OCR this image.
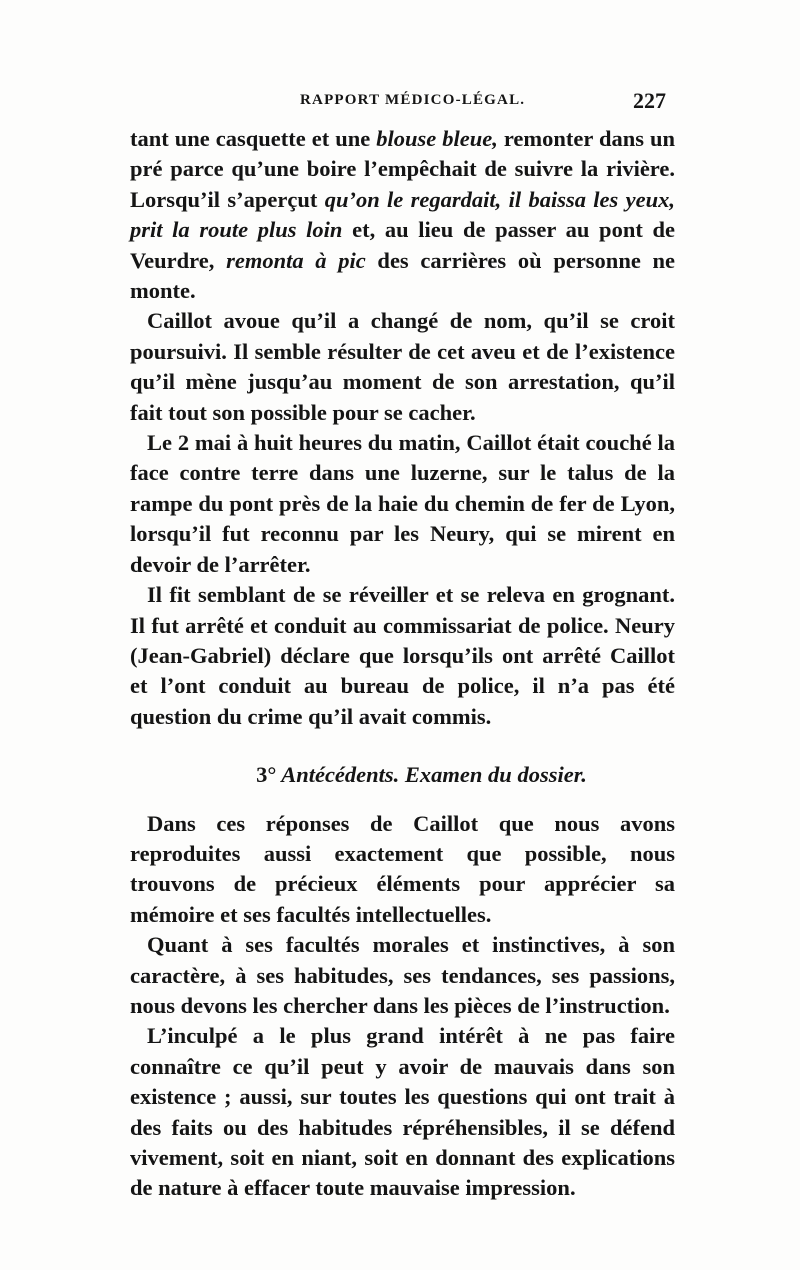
RAPPORT MÉDICO-LÉGAL.	227

tant une casquette et une blouse bleue, remonter dans un pré parce qu’une boire l’empêchait de suivre la rivière. Lorsqu’il s’aperçut qu’on le regardait, il baissa les yeux, prit la route plus loin et, au lieu de passer au pont de Veurdre, remonta à pic des carrières où personne ne monte.

Caillot avoue qu’il a changé de nom, qu’il se croit poursuivi. Il semble résulter de cet aveu et de l’existence qu’il mène jusqu’au moment de son arrestation, qu’il fait tout son possible pour se cacher.

Le 2 mai à huit heures du matin, Caillot était couché la face contre terre dans une luzerne, sur le talus de la rampe du pont près de la haie du chemin de fer de Lyon, lorsqu’il fut reconnu par les Neury, qui se mirent en devoir de l’arrêter.

Il fit semblant de se réveiller et se releva en grognant. Il fut arrêté et conduit au commissariat de police. Neury (Jean-Gabriel) déclare que lorsqu’ils ont arrêté Caillot et l’ont conduit au bureau de police, il n’a pas été question du crime qu’il avait commis.

3° Antécédents. Examen du dossier.

Dans ces réponses de Caillot que nous avons reproduites aussi exactement que possible, nous trouvons de précieux éléments pour apprécier sa mémoire et ses facultés intellectuelles.

Quant à ses facultés morales et instinctives, à son caractère, à ses habitudes, ses tendances, ses passions, nous devons les chercher dans les pièces de l’instruction.

L’inculpé a le plus grand intérêt à ne pas faire connaître ce qu’il peut y avoir de mauvais dans son existence ; aussi, sur toutes les questions qui ont trait à des faits ou des habitudes répréhensibles, il se défend vivement, soit en niant, soit en donnant des explications de nature à effacer toute mauvaise impression.
